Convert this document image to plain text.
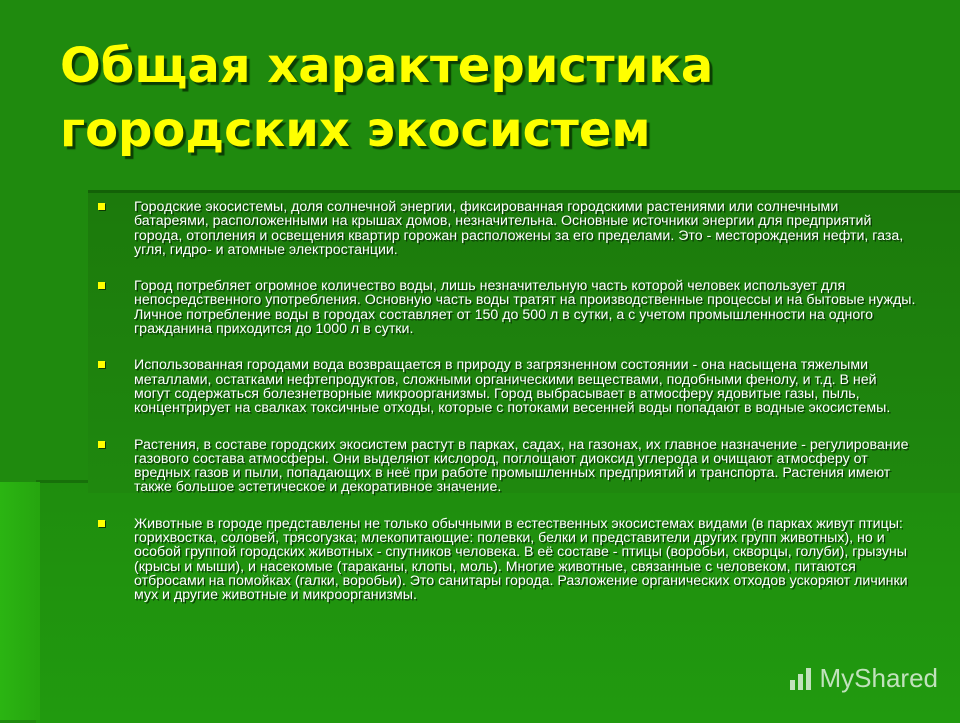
Общая характеристика
городских экосистем
Городские экосистемы, доля солнечной энергии, фиксированная городскими растениями или солнечными батареями, расположенными на крышах домов, незначительна. Основные источники энергии для предприятий города, отопления и освещения квартир горожан расположены за его пределами. Это - месторождения нефти, газа, угля, гидро- и атомные электростанции.
Город потребляет огромное количество воды, лишь незначительную часть которой человек использует для непосредственного употребления. Основную часть воды тратят на производственные процессы и на бытовые нужды. Личное потребление воды в городах составляет от 150 до 500 л в сутки, а с учетом промышленности на одного гражданина приходится до 1000 л в сутки.
Использованная городами вода возвращается в природу в загрязненном состоянии - она насыщена тяжелыми металлами, остатками нефтепродуктов, сложными органическими веществами, подобными фенолу, и т.д. В ней могут содержаться болезнетворные микроорганизмы. Город выбрасывает в атмосферу ядовитые газы, пыль, концентрирует на свалках токсичные отходы, которые с потоками весенней воды попадают в водные экосистемы.
Растения, в составе городских экосистем растут в парках, садах, на газонах, их главное назначение - регулирование газового состава атмосферы. Они выделяют кислород, поглощают диоксид углерода и очищают атмосферу от вредных газов и пыли, попадающих в неё при работе промышленных предприятий и транспорта. Растения имеют также большое эстетическое и декоративное значение.
Животные в городе представлены не только обычными в естественных экосистемах видами (в парках живут птицы: горихвостка, соловей, трясогузка; млекопитающие: полевки, белки и представители других групп животных), но и особой группой городских животных - спутников человека. В её составе - птицы (воробьи, скворцы, голуби), грызуны (крысы и мыши), и насекомые (тараканы, клопы, моль). Многие животные, связанные с человеком, питаются отбросами на помойках (галки, воробьи). Это санитары города. Разложение органических отходов ускоряют личинки мух и другие животные и микроорганизмы.
MyShared
